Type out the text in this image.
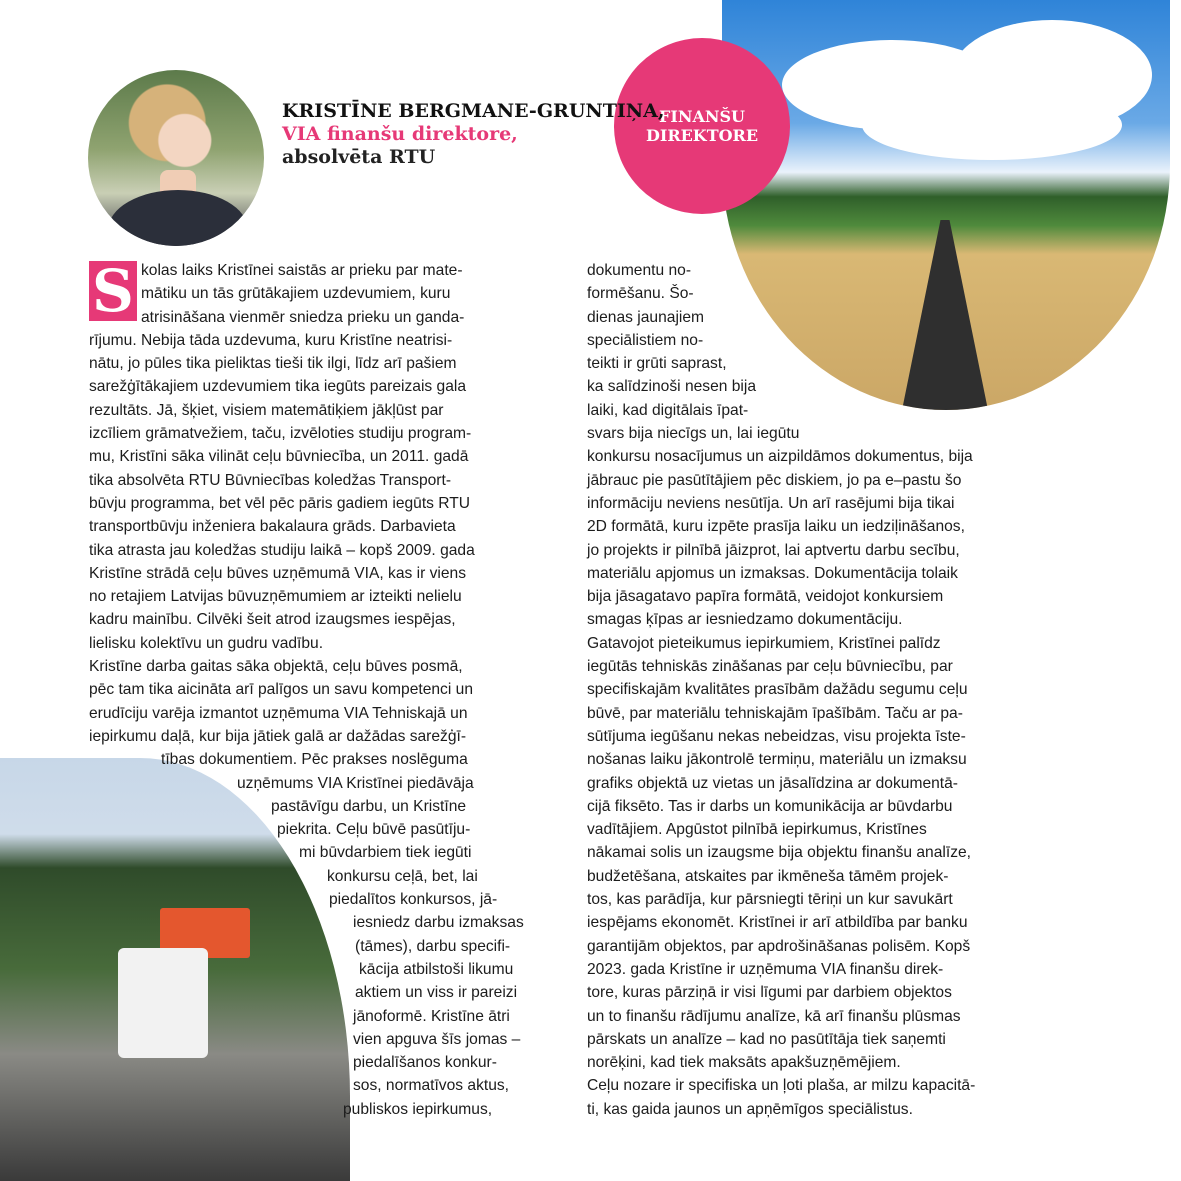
FINANŠU
DIREKTORE
KRISTĪNE BERGMANE-GRUNTIŅA,
VIA finanšu direktore,
absolvēta RTU
S kolas laiks Kristīnei saistās ar prieku par mate-
mātiku un tās grūtākajiem uzdevumiem, kuru
atrisināšana vienmēr sniedza prieku un ganda-
rījumu. Nebija tāda uzdevuma, kuru Kristīne neatrisi-
nātu, jo pūles tika pieliktas tieši tik ilgi, līdz arī pašiem
sarežģītākajiem uzdevumiem tika iegūts pareizais gala
rezultāts. Jā, šķiet, visiem matemātiķiem jākļūst par
izcīliem grāmatvežiem, taču, izvēloties studiju program-
mu, Kristīni sāka vilināt ceļu būvniecība, un 2011. gadā
tika absolvēta RTU Būvniecības koledžas Transport-
būvju programma, bet vēl pēc pāris gadiem iegūts RTU
transportbūvju inženiera bakalaura grāds. Darbavieta
tika atrasta jau koledžas studiju laikā – kopš 2009. gada
Kristīne strādā ceļu būves uzņēmumā VIA, kas ir viens
no retajiem Latvijas būvuzņēmumiem ar izteikti nelielu
kadru mainību. Cilvēki šeit atrod izaugsmes iespējas,
lielisku kolektīvu un gudru vadību.
Kristīne darba gaitas sāka objektā, ceļu būves posmā,
pēc tam tika aicināta arī palīgos un savu kompetenci un
erudīciju varēja izmantot uzņēmuma VIA Tehniskajā un
iepirkumu daļā, kur bija jātiek galā ar dažādas sarežģī-
tības dokumentiem. Pēc prakses noslēguma
uzņēmums VIA Kristīnei piedāvāja
pastāvīgu darbu, un Kristīne
piekrita. Ceļu būvē pasūtīju-
mi būvdarbiem tiek iegūti
konkursu ceļā, bet, lai
piedalītos konkursos, jā-
iesniedz darbu izmaksas
(tāmes), darbu specifi-
kācija atbilstoši likumu
aktiem un viss ir pareizi
jānoformē. Kristīne ātri
vien apguva šīs jomas –
piedalīšanos konkur-
sos, normatīvos aktus,
publiskos iepirkumus,
dokumentu no-
formēšanu. Šo-
dienas jaunajiem
speciālistiem no-
teikti ir grūti saprast,
ka salīdzinoši nesen bija
laiki, kad digitālais īpat-
svars bija niecīgs un, lai iegūtu
konkursu nosacījumus un aizpildāmos dokumentus, bija
jābrauc pie pasūtītājiem pēc diskiem, jo pa e–pastu šo
informāciju neviens nesūtīja. Un arī rasējumi bija tikai
2D formātā, kuru izpēte prasīja laiku un iedziļināšanos,
jo projekts ir pilnībā jāizprot, lai aptvertu darbu secību,
materiālu apjomus un izmaksas. Dokumentācija tolaik
bija jāsagatavo papīra formātā, veidojot konkursiem
smagas ķīpas ar iesniedzamo dokumentāciju.
Gatavojot pieteikumus iepirkumiem, Kristīnei palīdz
iegūtās tehniskās zināšanas par ceļu būvniecību, par
specifiskajām kvalitātes prasībām dažādu segumu ceļu
būvē, par materiālu tehniskajām īpašībām. Taču ar pa-
sūtījuma iegūšanu nekas nebeidzas, visu projekta īste-
nošanas laiku jākontrolē termiņu, materiālu un izmaksu
grafiks objektā uz vietas un jāsalīdzina ar dokumentā-
cijā fiksēto. Tas ir darbs un komunikācija ar būvdarbu
vadītājiem. Apgūstot pilnībā iepirkumus, Kristīnes
nākamai solis un izaugsme bija objektu finanšu analīze,
budžetēšana, atskaites par ikmēneša tāmēm projek-
tos, kas parādīja, kur pārsniegti tēriņi un kur savukārt
iespējams ekonomēt. Kristīnei ir arī atbildība par banku
garantijām objektos, par apdrošināšanas polisēm. Kopš
2023. gada Kristīne ir uzņēmuma VIA finanšu direk-
tore, kuras pārziņā ir visi līgumi par darbiem objektos
un to finanšu rādījumu analīze, kā arī finanšu plūsmas
pārskats un analīze – kad no pasūtītāja tiek saņemti
norēķini, kad tiek maksāts apakšuzņēmējiem.
Ceļu nozare ir specifiska un ļoti plaša, ar milzu kapacitā-
ti, kas gaida jaunos un apņēmīgos speciālistus.
